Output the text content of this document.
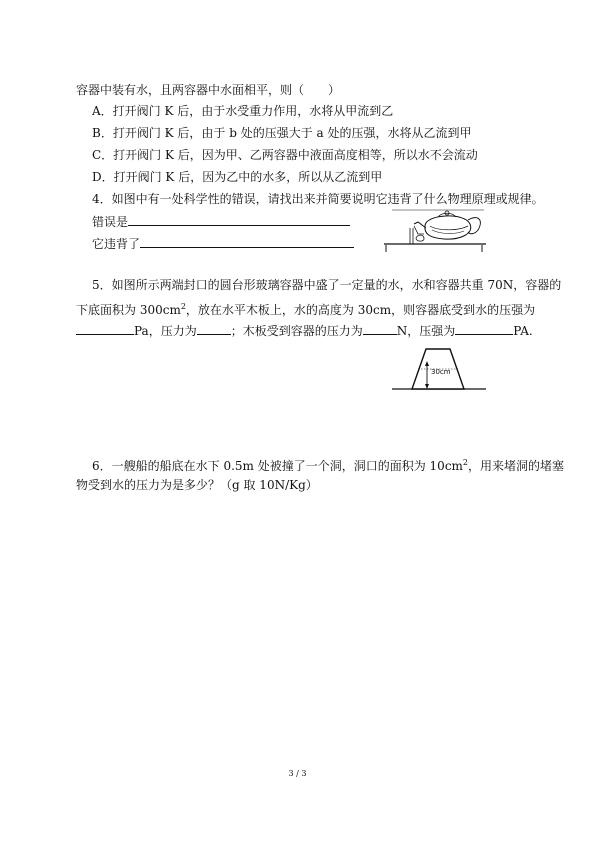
容器中装有水，且两容器中水面相平，则（　　）
A．打开阀门 K 后，由于水受重力作用，水将从甲流到乙
B．打开阀门 K 后，由于 b 处的压强大于 a 处的压强，水将从乙流到甲
C．打开阀门 K 后，因为甲、乙两容器中液面高度相等，所以水不会流动
D．打开阀门 K 后，因为乙中的水多，所以从乙流到甲
4．如图中有一处科学性的错误，请找出来并简要说明它违背了什么物理原理或规律。
错误是
它违背了
5．如图所示两端封口的圆台形玻璃容器中盛了一定量的水，水和容器共重 70N，容器的
下底面积为 $300cm^2$，放在水平木板上，水的高度为 30cm，则容器底受到水的压强为
Pa，压力为	；木板受到容器的压力为	N，压强为	PA.
30cm
6．一艘船的船底在水下 0.5m 处被撞了一个洞，洞口的面积为 $10cm^2$，用来堵洞的堵塞
物受到水的压力为是多少？（g 取 10N/Kg）
3 / 3
